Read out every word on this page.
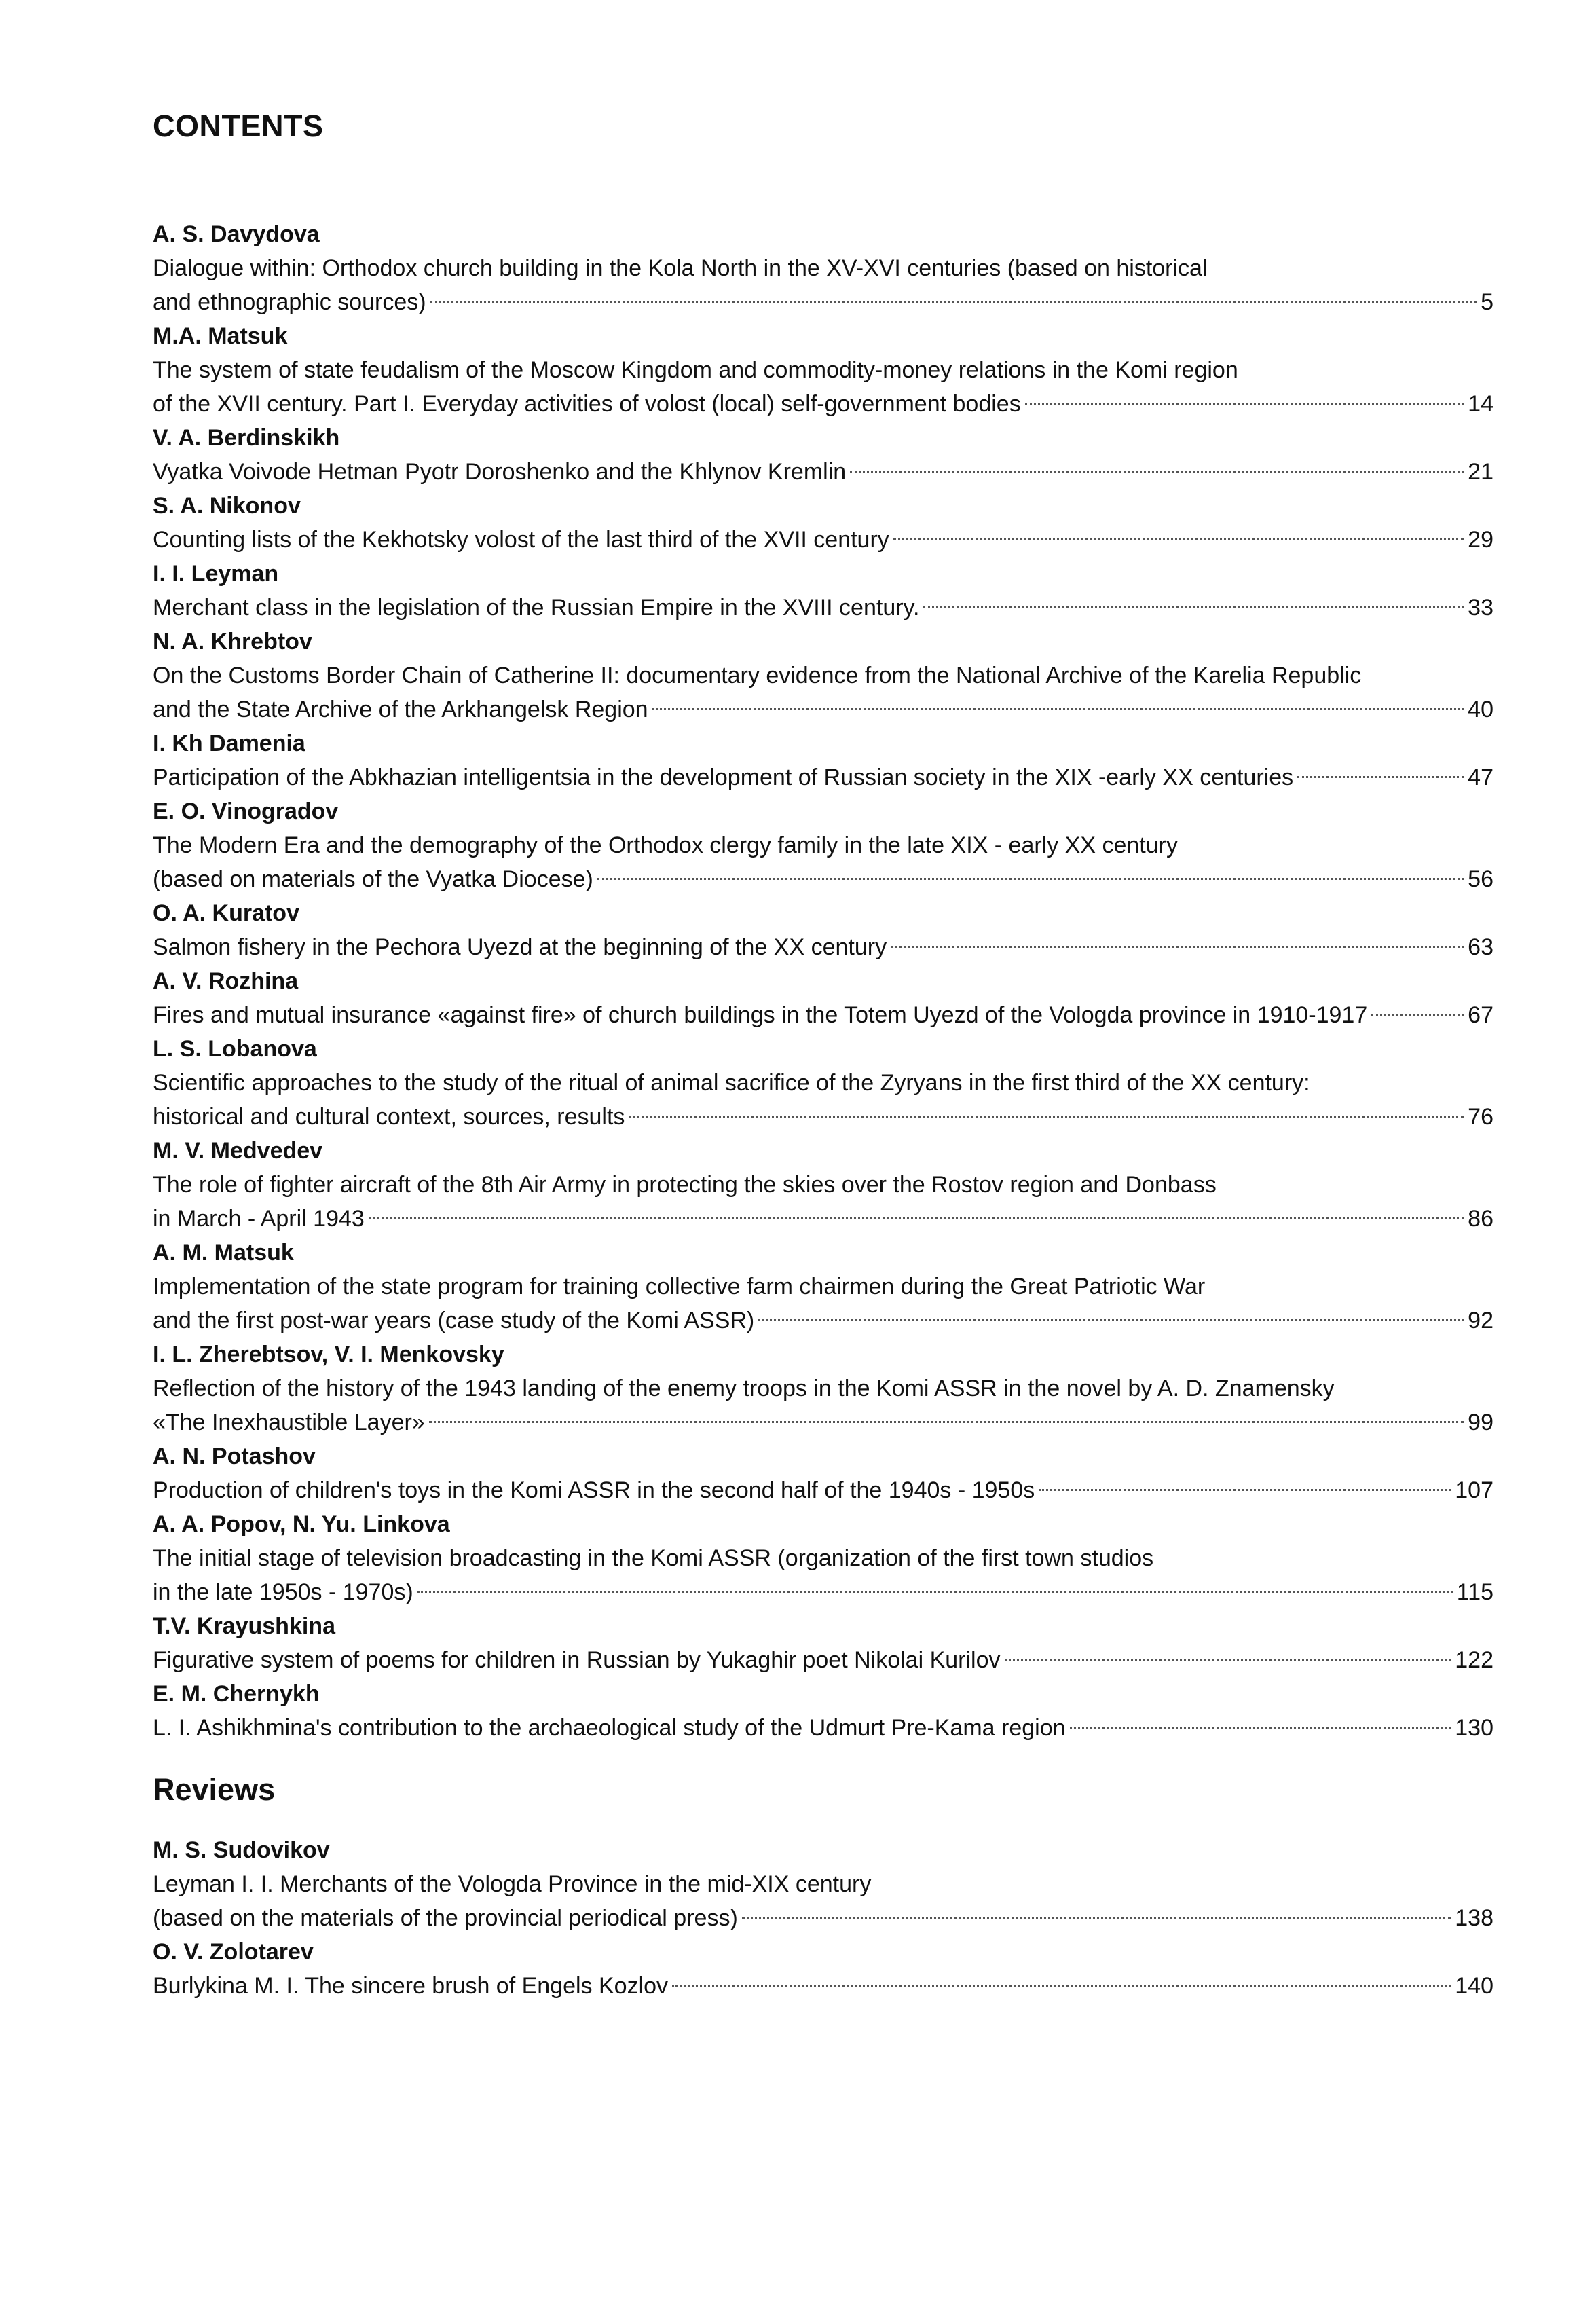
CONTENTS
A. S. Davydova
Dialogue within: Orthodox church building in the Kola North in the XV-XVI centuries (based on historical
and ethnographic sources)	5
M.A. Matsuk
The system of state feudalism of the Moscow Kingdom and commodity-money relations in the Komi region
of the XVII century. Part I. Everyday activities of volost (local) self-government bodies	14
V. A. Berdinskikh
Vyatka Voivode Hetman Pyotr Doroshenko and the Khlynov Kremlin	21
S. A. Nikonov
Counting lists of the Kekhotsky volost of the last third of the XVII century	29
I. I. Leyman
Merchant class in the legislation of the Russian Empire in the XVIII century.	33
N. A. Khrebtov
On the Customs Border Chain of Catherine II: documentary evidence from the National Archive of the Karelia Republic
and the State Archive of the Arkhangelsk Region	40
I. Kh Damenia
Participation of the Abkhazian intelligentsia in the development of Russian society in the XIX -early XX centuries	47
E. O. Vinogradov
The Modern Era and the demography of the Orthodox clergy family in the late XIX - early XX century
(based on materials of the Vyatka Diocese)	56
O. A. Kuratov
Salmon fishery in the Pechora Uyezd at the beginning of the XX century	63
A. V. Rozhina
Fires and mutual insurance «against fire» of church buildings in the Totem Uyezd of the Vologda province in 1910-1917	67
L. S. Lobanova
Scientific approaches to the study of the ritual of animal sacrifice of the Zyryans in the first third of the XX century:
historical and cultural context, sources, results	76
M. V. Medvedev
The role of fighter aircraft of the 8th Air Army in protecting the skies over the Rostov region and Donbass
in March - April 1943	86
A. M. Matsuk
Implementation of the state program for training collective farm chairmen during the Great Patriotic War
and the first post-war years (case study of the Komi ASSR)	92
I. L. Zherebtsov, V. I. Menkovsky
Reflection of the history of the 1943 landing of the enemy troops in the Komi ASSR in the novel by A. D. Znamensky
«The Inexhaustible Layer»	99
A. N. Potashov
Production of children's toys in the Komi ASSR in the second half of the 1940s - 1950s	107
A. A. Popov, N. Yu. Linkova
The initial stage of television broadcasting in the Komi ASSR (organization of the first town studios
in the late 1950s - 1970s)	115
T.V. Krayushkina
Figurative system of poems for children in Russian by Yukaghir poet Nikolai Kurilov	122
E. M. Chernykh
L. I. Ashikhmina's contribution to the archaeological study of the Udmurt Pre-Kama region	130
Reviews
M. S. Sudovikov
Leyman I. I. Merchants of the Vologda Province in the mid-XIX century
(based on the materials of the provincial periodical press)	138
O. V. Zolotarev
Burlykina M. I. The sincere brush of Engels Kozlov	140
